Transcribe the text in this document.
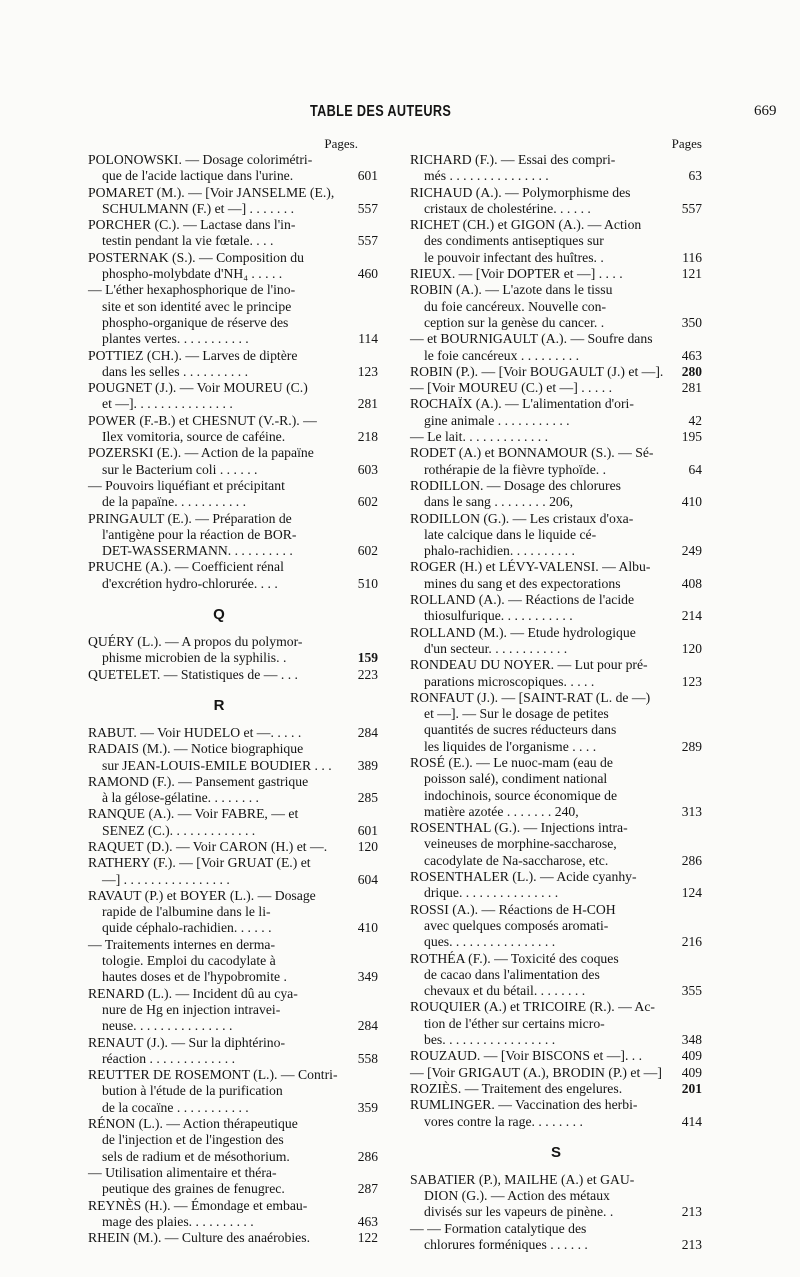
TABLE DES AUTEURS	669
Pages.
POLONOWSKI. — Dosage colorimétri-
que de l'acide lactique dans l'urine.	601
POMARET (M.). — [Voir JANSELME (E.),
SCHULMANN (F.) et —] . . . . . . .	557
PORCHER (C.). — Lactase dans l'in-
testin pendant la vie fœtale. . . .	557
POSTERNAK (S.). — Composition du
phospho-molybdate d'NH₄ . . . . .	460
— L'éther hexaphosphorique de l'ino-
site et son identité avec le principe
phospho-organique de réserve des
plantes vertes. . . . . . . . . . .	114
POTTIEZ (CH.). — Larves de diptère
dans les selles . . . . . . . . . .	123
POUGNET (J.). — Voir MOUREU (C.)
et —]. . . . . . . . . . . . . . .	281
POWER (F.-B.) et CHESNUT (V.-R.). —
Ilex vomitoria, source de caféine.	218
POZERSKI (E.). — Action de la papaïne
sur le Bacterium coli . . . . . .	603
— Pouvoirs liquéfiant et précipitant
de la papaïne. . . . . . . . . . .	602
PRINGAULT (E.). — Préparation de
l'antigène pour la réaction de BOR-
DET-WASSERMANN. . . . . . . . . .	602
PRUCHE (A.). — Coefficient rénal
d'excrétion hydro-chlorurée. . . .	510
Q
QUÉRY (L.). — A propos du polymor-
phisme microbien de la syphilis. .	159
QUETELET. — Statistiques de — . . .	223
R
RABUT. — Voir HUDELO et —. . . . .	284
RADAIS (M.). — Notice biographique
sur JEAN-LOUIS-EMILE BOUDIER . . .	389
RAMOND (F.). — Pansement gastrique
à la gélose-gélatine. . . . . . . .	285
RANQUE (A.). — Voir FABRE, — et
SENEZ (C.). . . . . . . . . . . . .	601
RAQUET (D.). — Voir CARON (H.) et —.	120
RATHERY (F.). — [Voir GRUAT (E.) et
—] . . . . . . . . . . . . . . . .	604
RAVAUT (P.) et BOYER (L.). — Dosage
rapide de l'albumine dans le li-
quide céphalo-rachidien. . . . . .	410
— Traitements internes en derma-
tologie. Emploi du cacodylate à
hautes doses et de l'hypobromite .	349
RENARD (L.). — Incident dû au cya-
nure de Hg en injection intravei-
neuse. . . . . . . . . . . . . . .	284
RENAUT (J.). — Sur la diphtérino-
réaction . . . . . . . . . . . . .	558
REUTTER DE ROSEMONT (L.). — Contri-
bution à l'étude de la purification
de la cocaïne . . . . . . . . . . .	359
RÉNON (L.). — Action thérapeutique
de l'injection et de l'ingestion des
sels de radium et de mésothorium.	286
— Utilisation alimentaire et théra-
peutique des graines de fenugrec.	287
REYNÈS (H.). — Émondage et embau-
mage des plaies. . . . . . . . . .	463
RHEIN (M.). — Culture des anaérobies.	122
Pages
RICHARD (F.). — Essai des compri-
més . . . . . . . . . . . . . . .	63
RICHAUD (A.). — Polymorphisme des
cristaux de cholestérine. . . . . .	557
RICHET (CH.) et GIGON (A.). — Action
des condiments antiseptiques sur
le pouvoir infectant des huîtres. .	116
RIEUX. — [Voir DOPTER et —] . . . .	121
ROBIN (A.). — L'azote dans le tissu
du foie cancéreux. Nouvelle con-
ception sur la genèse du cancer. .	350
— et BOURNIGAULT (A.). — Soufre dans
le foie cancéreux . . . . . . . . .	463
ROBIN (P.). — [Voir BOUGAULT (J.) et —].	280
— [Voir MOUREU (C.) et —] . . . . .	281
ROCHAÏX (A.). — L'alimentation d'ori-
gine animale . . . . . . . . . . .	42
— Le lait. . . . . . . . . . . . .	195
RODET (A.) et BONNAMOUR (S.). — Sé-
rothérapie de la fièvre typhoïde. .	64
RODILLON. — Dosage des chlorures
dans le sang . . . . . . . . 206,	410
RODILLON (G.). — Les cristaux d'oxa-
late calcique dans le liquide cé-
phalo-rachidien. . . . . . . . . .	249
ROGER (H.) et LÉVY-VALENSI. — Albu-
mines du sang et des expectorations	408
ROLLAND (A.). — Réactions de l'acide
thiosulfurique. . . . . . . . . . .	214
ROLLAND (M.). — Etude hydrologique
d'un secteur. . . . . . . . . . . .	120
RONDEAU DU NOYER. — Lut pour pré-
parations microscopiques. . . . .	123
RONFAUT (J.). — [SAINT-RAT (L. de —)
et —]. — Sur le dosage de petites
quantités de sucres réducteurs dans
les liquides de l'organisme . . . .	289
ROSÉ (E.). — Le nuoc-mam (eau de
poisson salé), condiment national
indochinois, source économique de
matière azotée . . . . . . . 240,	313
ROSENTHAL (G.). — Injections intra-
veineuses de morphine-saccharose,
cacodylate de Na-saccharose, etc.	286
ROSENTHALER (L.). — Acide cyanhy-
drique. . . . . . . . . . . . . . .	124
ROSSI (A.). — Réactions de H-COH
avec quelques composés aromati-
ques. . . . . . . . . . . . . . . .	216
ROTHÉA (F.). — Toxicité des coques
de cacao dans l'alimentation des
chevaux et du bétail. . . . . . . .	355
ROUQUIER (A.) et TRICOIRE (R.). — Ac-
tion de l'éther sur certains micro-
bes. . . . . . . . . . . . . . . . .	348
ROUZAUD. — [Voir BISCONS et —]. . .	409
— [Voir GRIGAUT (A.), BRODIN (P.) et —]	409
ROZIÈS. — Traitement des engelures.	201
RUMLINGER. — Vaccination des herbi-
vores contre la rage. . . . . . . .	414
S
SABATIER (P.), MAILHE (A.) et GAU-
DION (G.). — Action des métaux
divisés sur les vapeurs de pinène. .	213
— — Formation catalytique des
chlorures forméniques . . . . . .	213
